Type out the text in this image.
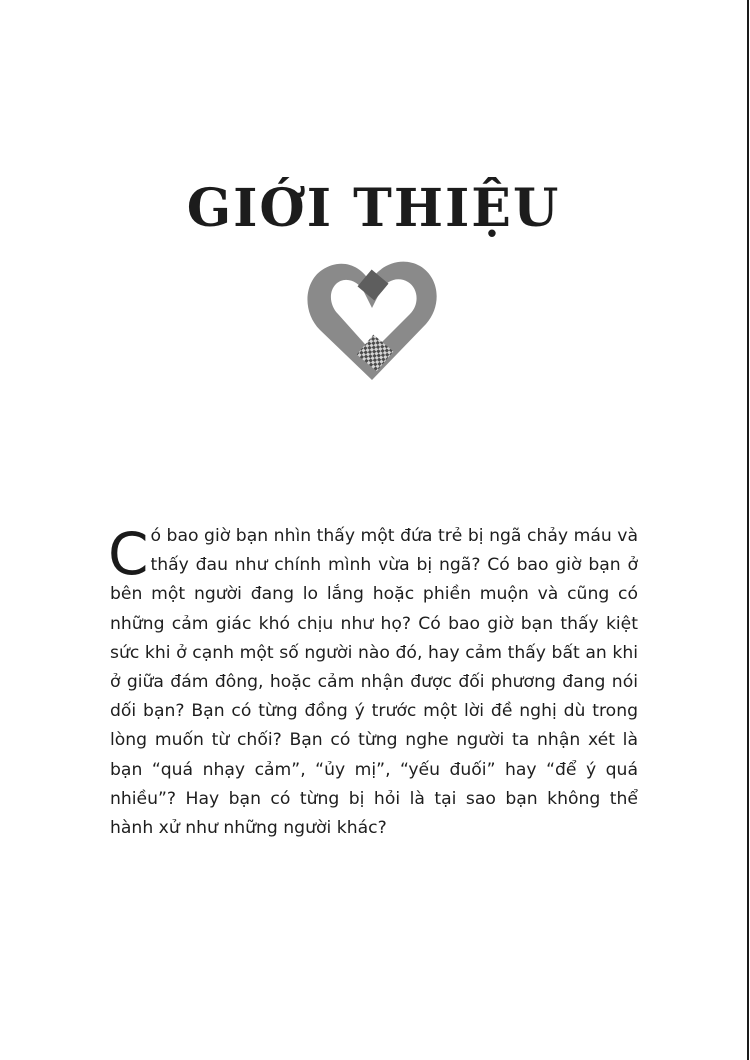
GIỚI THIỆU

Có bao giờ bạn nhìn thấy một đứa trẻ bị ngã chảy máu và thấy đau như chính mình vừa bị ngã? Có bao giờ bạn ở bên một người đang lo lắng hoặc phiền muộn và cũng có những cảm giác khó chịu như họ? Có bao giờ bạn thấy kiệt sức khi ở cạnh một số người nào đó, hay cảm thấy bất an khi ở giữa đám đông, hoặc cảm nhận được đối phương đang nói dối bạn? Bạn có từng đồng ý trước một lời đề nghị dù trong lòng muốn từ chối? Bạn có từng nghe người ta nhận xét là bạn “quá nhạy cảm”, “ủy mị”, “yếu đuối” hay “để ý quá nhiều”? Hay bạn có từng bị hỏi là tại sao bạn không thể hành xử như những người khác?
